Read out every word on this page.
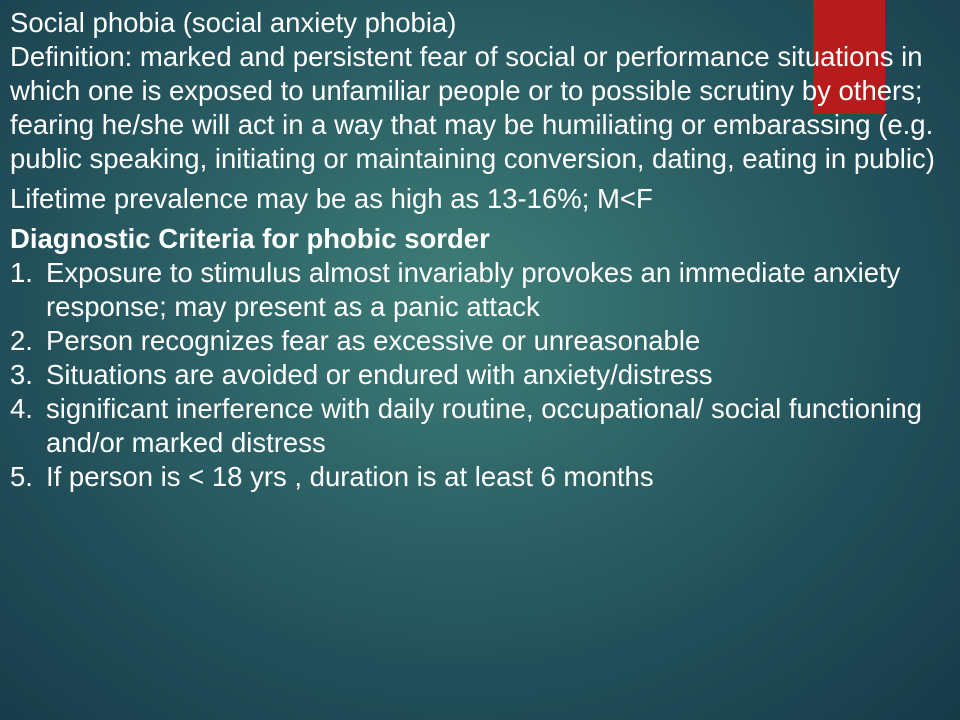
Social phobia (social anxiety phobia)

Definition: marked and persistent fear of social or performance situations in which one is exposed to unfamiliar people or to possible scrutiny by others; fearing he/she will act in a way that may be humiliating or embarassing (e.g. public speaking, initiating or maintaining conversion, dating, eating in public)

Lifetime prevalence may be as high as 13-16%; M<F

Diagnostic Criteria for phobic sorder

1. Exposure to stimulus almost invariably provokes an immediate anxiety response; may present as a panic attack
2. Person recognizes fear as excessive or unreasonable
3. Situations are avoided or endured with anxiety/distress
4. significant inerference with daily routine, occupational/ social functioning and/or marked distress
5. If person is < 18 yrs , duration is at least 6 months
